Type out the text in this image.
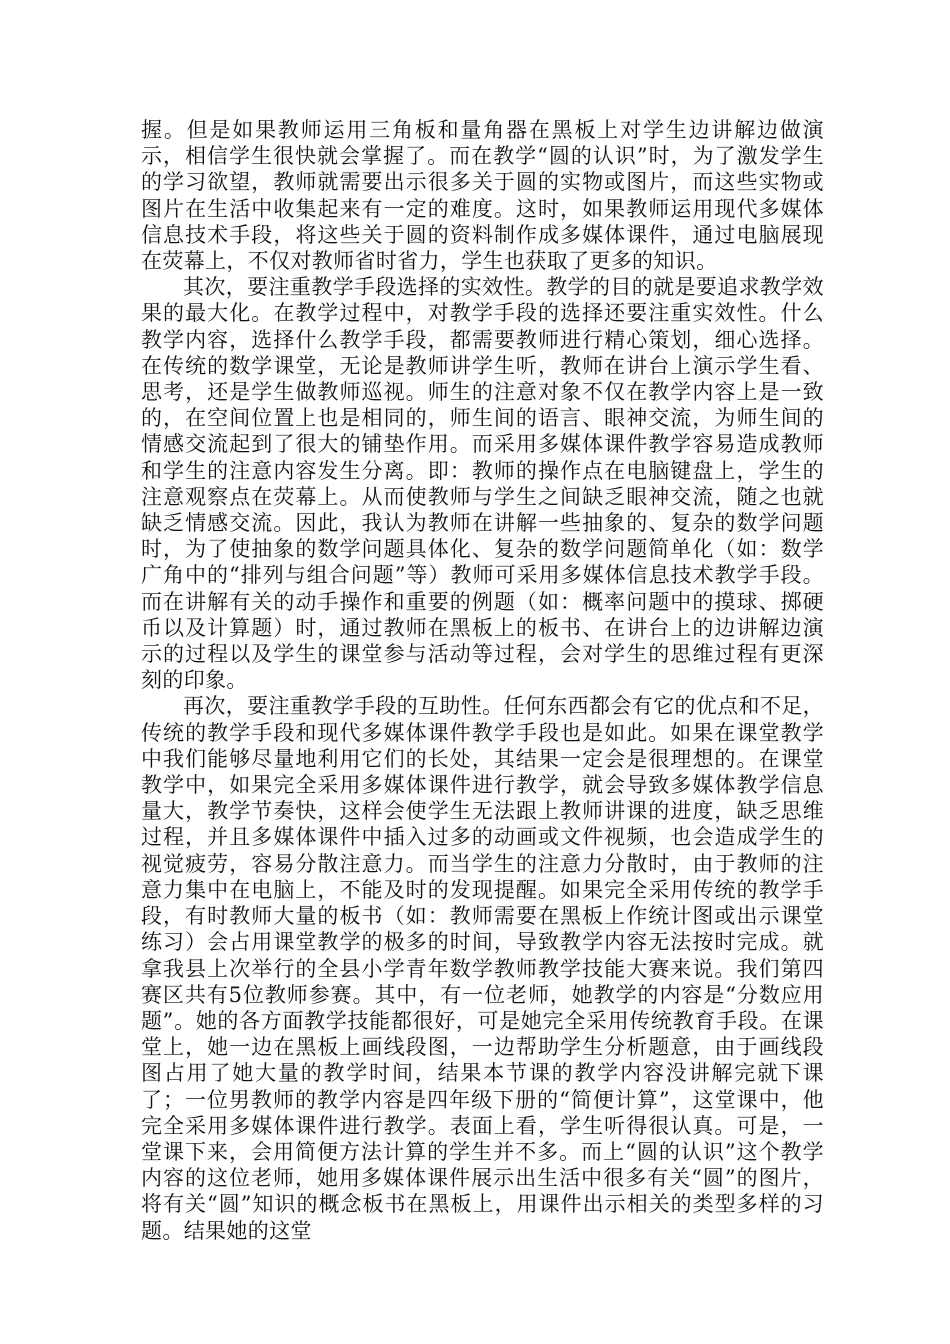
握。但是如果教师运用三角板和量角器在黑板上对学生边讲解边做演示，相信学生很快就会掌握了。而在教学“圆的认识”时，为了激发学生的学习欲望，教师就需要出示很多关于圆的实物或图片，而这些实物或图片在生活中收集起来有一定的难度。这时，如果教师运用现代多媒体信息技术手段，将这些关于圆的资料制作成多媒体课件，通过电脑展现在荧幕上，不仅对教师省时省力，学生也获取了更多的知识。

其次，要注重教学手段选择的实效性。教学的目的就是要追求教学效果的最大化。在教学过程中，对教学手段的选择还要注重实效性。什么教学内容，选择什么教学手段，都需要教师进行精心策划，细心选择。在传统的数学课堂，无论是教师讲学生听，教师在讲台上演示学生看、思考，还是学生做教师巡视。师生的注意对象不仅在教学内容上是一致的，在空间位置上也是相同的，师生间的语言、眼神交流，为师生间的情感交流起到了很大的铺垫作用。而采用多媒体课件教学容易造成教师和学生的注意内容发生分离。即：教师的操作点在电脑键盘上，学生的注意观察点在荧幕上。从而使教师与学生之间缺乏眼神交流，随之也就缺乏情感交流。因此，我认为教师在讲解一些抽象的、复杂的数学问题时，为了使抽象的数学问题具体化、复杂的数学问题简单化（如：数学广角中的“排列与组合问题”等）教师可采用多媒体信息技术教学手段。而在讲解有关的动手操作和重要的例题（如：概率问题中的摸球、掷硬币以及计算题）时，通过教师在黑板上的板书、在讲台上的边讲解边演示的过程以及学生的课堂参与活动等过程，会对学生的思维过程有更深刻的印象。

再次，要注重教学手段的互助性。任何东西都会有它的优点和不足，传统的教学手段和现代多媒体课件教学手段也是如此。如果在课堂教学中我们能够尽量地利用它们的长处，其结果一定会是很理想的。在课堂教学中，如果完全采用多媒体课件进行教学，就会导致多媒体教学信息量大，教学节奏快，这样会使学生无法跟上教师讲课的进度，缺乏思维过程，并且多媒体课件中插入过多的动画或文件视频，也会造成学生的视觉疲劳，容易分散注意力。而当学生的注意力分散时，由于教师的注意力集中在电脑上，不能及时的发现提醒。如果完全采用传统的教学手段，有时教师大量的板书（如：教师需要在黑板上作统计图或出示课堂练习）会占用课堂教学的极多的时间，导致教学内容无法按时完成。就拿我县上次举行的全县小学青年数学教师教学技能大赛来说。我们第四赛区共有5位教师参赛。其中，有一位老师，她教学的内容是“分数应用题”。她的各方面教学技能都很好，可是她完全采用传统教育手段。在课堂上，她一边在黑板上画线段图，一边帮助学生分析题意，由于画线段图占用了她大量的教学时间，结果本节课的教学内容没讲解完就下课了；一位男教师的教学内容是四年级下册的“简便计算”，这堂课中，他完全采用多媒体课件进行教学。表面上看，学生听得很认真。可是，一堂课下来，会用简便方法计算的学生并不多。而上“圆的认识”这个教学内容的这位老师，她用多媒体课件展示出生活中很多有关“圆”的图片，将有关“圆”知识的概念板书在黑板上，用课件出示相关的类型多样的习题。结果她的这堂
